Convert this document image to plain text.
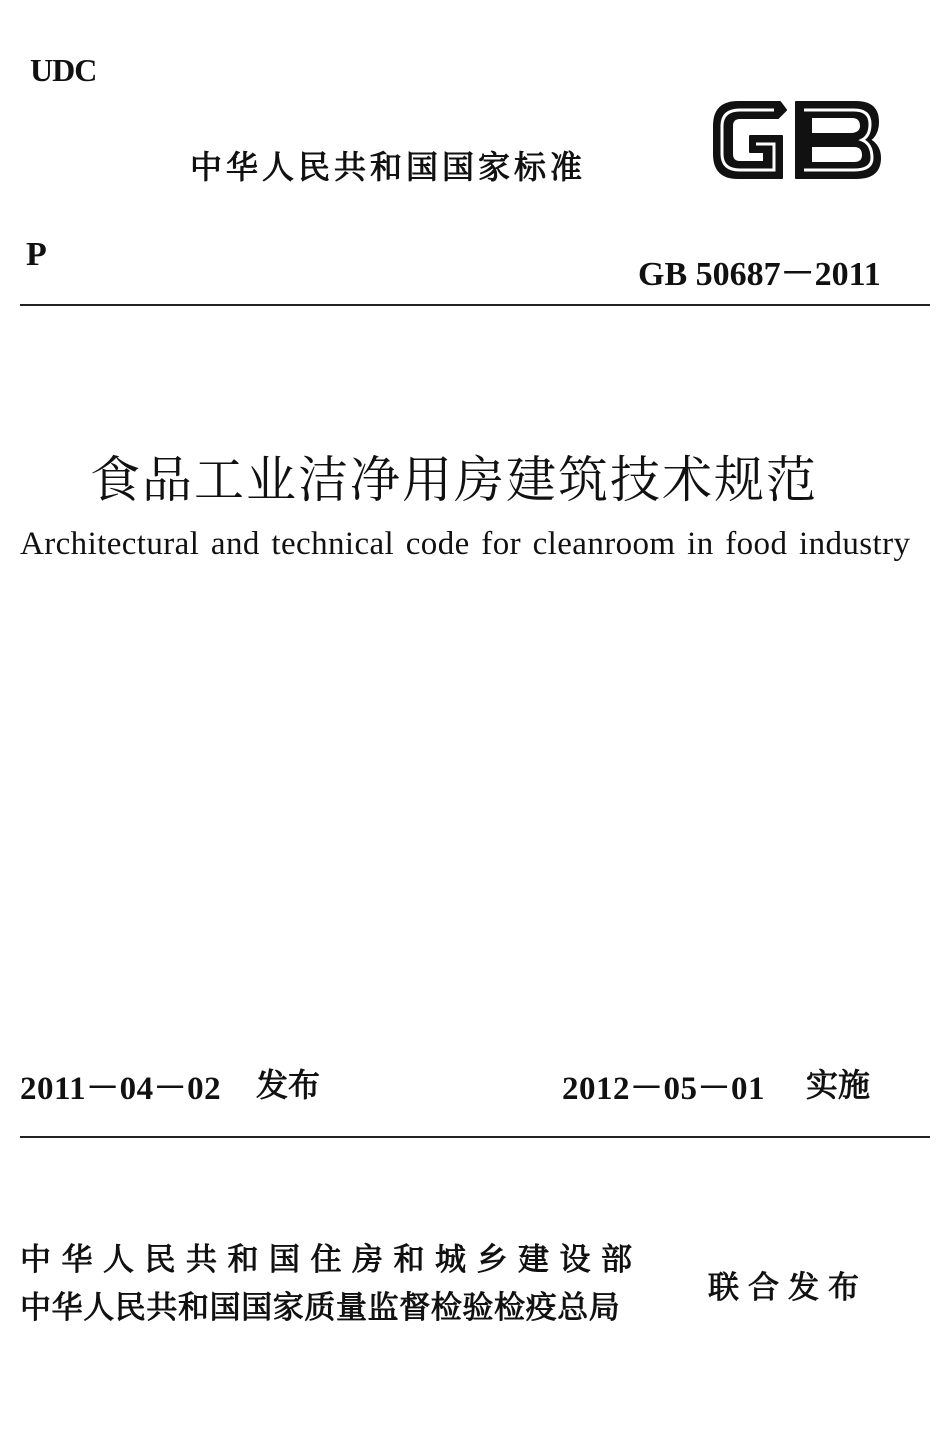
UDC
中华人民共和国国家标准
P
GB 50687－2011
食品工业洁净用房建筑技术规范
Architectural and technical code for cleanroom in food industry
2011－04－02 发布	2012－05－01 实施
中华人民共和国住房和城乡建设部
中华人民共和国国家质量监督检验检疫总局
联合发布
